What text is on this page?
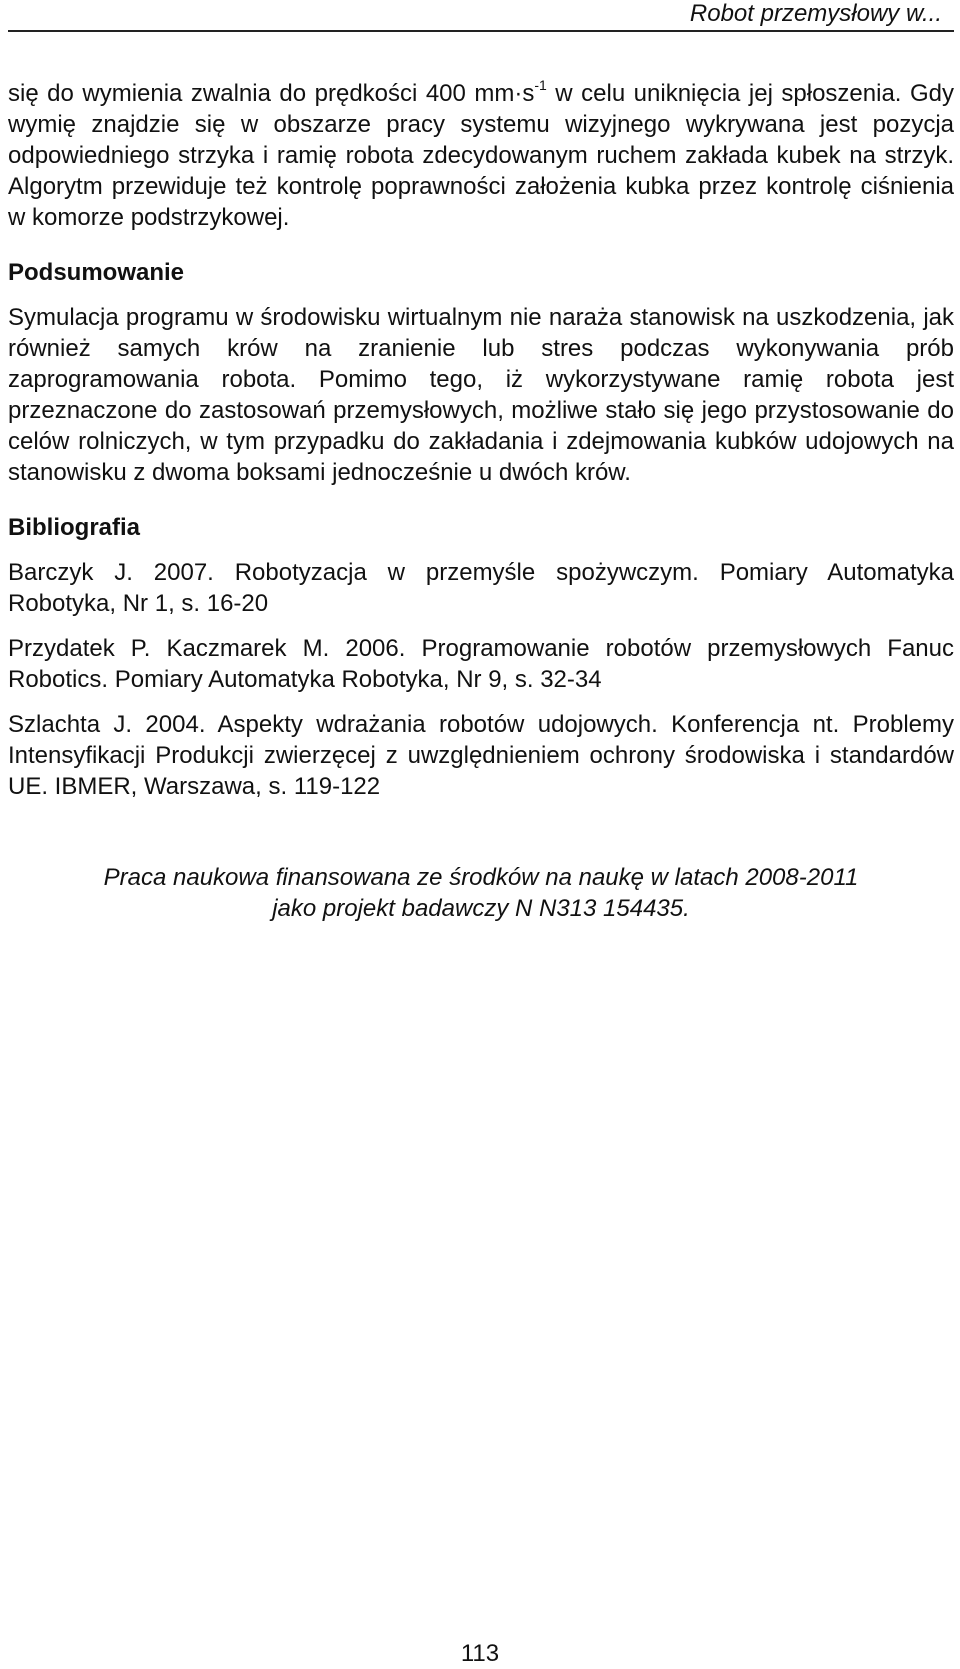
Robot przemysłowy w...

się do wymienia zwalnia do prędkości 400 $mm\cdot s^{-1}$ w celu uniknięcia jej spłoszenia. Gdy wymię znajdzie się w obszarze pracy systemu wizyjnego wykrywana jest pozycja odpowiedniego strzyka i ramię robota zdecydowanym ruchem zakłada kubek na strzyk. Algorytm przewiduje też kontrolę poprawności założenia kubka przez kontrolę ciśnienia w komorze podstrzykowej.

Podsumowanie

Symulacja programu w środowisku wirtualnym nie naraża stanowisk na uszkodzenia, jak również samych krów na zranienie lub stres podczas wykonywania prób zaprogramowania robota. Pomimo tego, iż wykorzystywane ramię robota jest przeznaczone do zastosowań przemysłowych, możliwe stało się jego przystosowanie do celów rolniczych, w tym przypadku do zakładania i zdejmowania kubków udojowych na stanowisku z dwoma boksami jednocześnie u dwóch krów.

Bibliografia

Barczyk J. 2007. Robotyzacja w przemyśle spożywczym. Pomiary Automatyka Robotyka, Nr 1, s. 16-20

Przydatek P. Kaczmarek M. 2006. Programowanie robotów przemysłowych Fanuc Robotics. Pomiary Automatyka Robotyka, Nr 9, s. 32-34

Szlachta J. 2004. Aspekty wdrażania robotów udojowych. Konferencja nt. Problemy Intensyfikacji Produkcji zwierzęcej z uwzględnieniem ochrony środowiska i standardów UE. IBMER, Warszawa, s. 119-122

Praca naukowa finansowana ze środków na naukę w latach 2008-2011
jako projekt badawczy N N313 154435.
113
